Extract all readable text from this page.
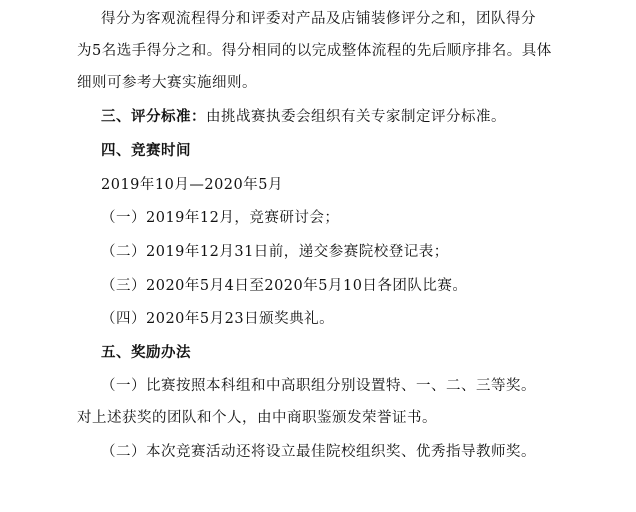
得分为客观流程得分和评委对产品及店铺装修评分之和，团队得分
为5名选手得分之和。得分相同的以完成整体流程的先后顺序排名。具体
细则可参考大赛实施细则。
三、评分标准：由挑战赛执委会组织有关专家制定评分标准。
四、竞赛时间
2019年10月—2020年5月
（一）2019年12月，竞赛研讨会；
（二）2019年12月31日前，递交参赛院校登记表；
（三）2020年5月4日至2020年5月10日各团队比赛。
（四）2020年5月23日颁奖典礼。
五、奖励办法
（一）比赛按照本科组和中高职组分别设置特、一、二、三等奖。
对上述获奖的团队和个人，由中商职鉴颁发荣誉证书。
（二）本次竞赛活动还将设立最佳院校组织奖、优秀指导教师奖。
